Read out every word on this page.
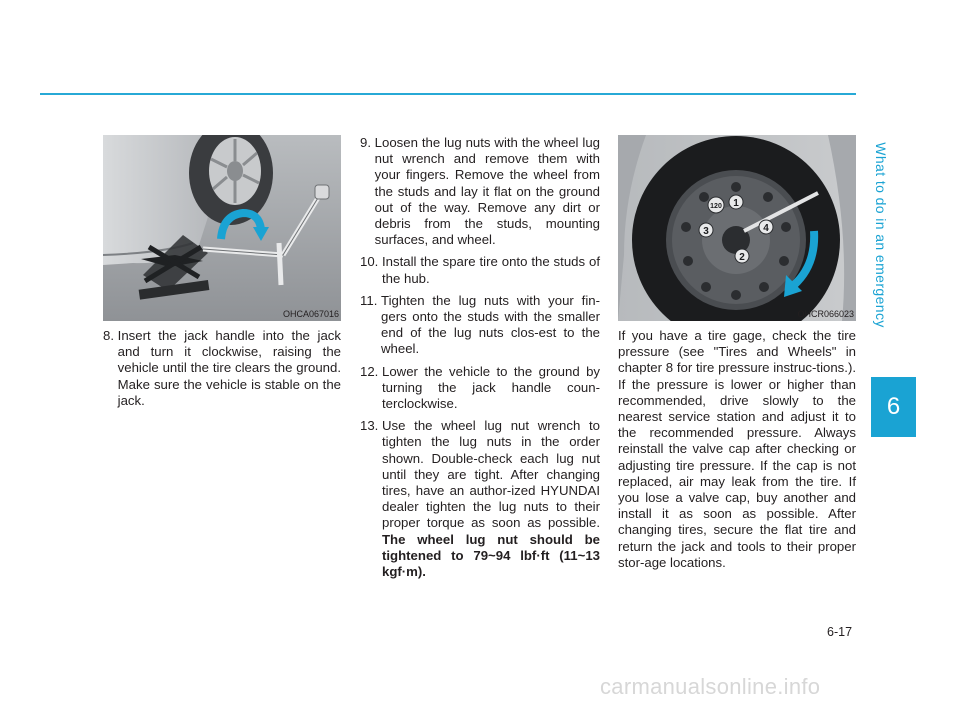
What to do in an emergency
6
OHCA067016
1
4
2
3
120
OHCR066023
8. Insert the jack handle into the jack and turn it clockwise, raising the vehicle until the tire clears the ground. Make sure the vehicle is stable on the jack.
9. Loosen the lug nuts with the wheel lug nut wrench and remove them with your fingers. Remove the wheel from the studs and lay it flat on the ground out of the way. Remove any dirt or debris from the studs, mounting surfaces, and wheel.
10. Install the spare tire onto the studs of the hub.
11. Tighten the lug nuts with your fin-gers onto the studs with the smaller end of the lug nuts clos-est to the wheel.
12. Lower the vehicle to the ground by turning the jack handle coun-terclockwise.
13. Use the wheel lug nut wrench to tighten the lug nuts in the order shown. Double-check each lug nut until they are tight. After changing tires, have an author-ized HYUNDAI dealer tighten the lug nuts to their proper torque as soon as possible. The wheel lug nut should be tightened to 79~94 lbf·ft (11~13 kgf·m).

If you have a tire gage, check the tire pressure (see "Tires and Wheels" in chapter 8 for tire pressure instruc-tions.). If the pressure is lower or higher than recommended, drive slowly to the nearest service station and adjust it to the recommended pressure. Always reinstall the valve cap after checking or adjusting tire pressure. If the cap is not replaced, air may leak from the tire. If you lose a valve cap, buy another and install it as soon as possible. After changing tires, secure the flat tire and return the jack and tools to their proper stor-age locations.

6-17
carmanualsonline.info
